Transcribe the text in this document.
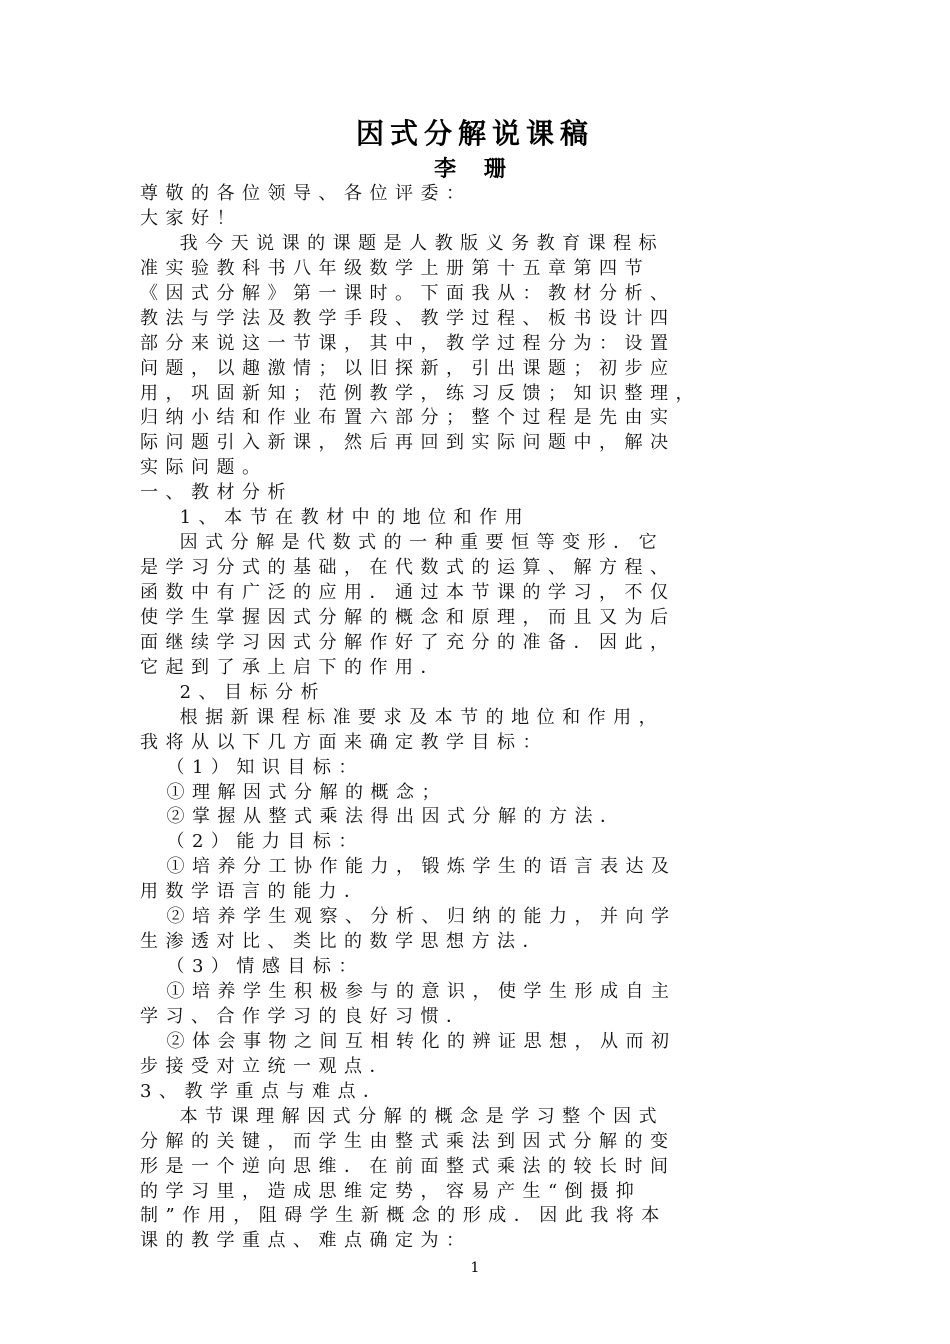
因式分解说课稿
李 珊
尊敬的各位领导、各位评委：
大家好！
我今天说课的课题是人教版义务教育课程标
准实验教科书八年级数学上册第十五章第四节
《因式分解》第一课时。下面我从：教材分析、
教法与学法及教学手段、教学过程、板书设计四
部分来说这一节课，其中，教学过程分为：设置
问题，以趣激情；以旧探新，引出课题；初步应
用，巩固新知；范例教学，练习反馈；知识整理，
归纳小结和作业布置六部分；整个过程是先由实
际问题引入新课，然后再回到实际问题中，解决
实际问题。
一、教材分析
1、本节在教材中的地位和作用
因式分解是代数式的一种重要恒等变形．它
是学习分式的基础，在代数式的运算、解方程、
函数中有广泛的应用．通过本节课的学习，不仅
使学生掌握因式分解的概念和原理，而且又为后
面继续学习因式分解作好了充分的准备．因此，
它起到了承上启下的作用．
2、目标分析
根据新课程标准要求及本节的地位和作用，
我将从以下几方面来确定教学目标：
（1）知识目标：
①理解因式分解的概念；
②掌握从整式乘法得出因式分解的方法．
（2）能力目标：
①培养分工协作能力，锻炼学生的语言表达及
用数学语言的能力．
②培养学生观察、分析、归纳的能力，并向学
生渗透对比、类比的数学思想方法．
（3）情感目标：
①培养学生积极参与的意识，使学生形成自主
学习、合作学习的良好习惯．
②体会事物之间互相转化的辨证思想，从而初
步接受对立统一观点．
3、教学重点与难点．
本节课理解因式分解的概念是学习整个因式
分解的关键，而学生由整式乘法到因式分解的变
形是一个逆向思维．在前面整式乘法的较长时间
的学习里，造成思维定势，容易产生“倒摄抑
制”作用，阻碍学生新概念的形成．因此我将本
课的教学重点、难点确定为：
1
